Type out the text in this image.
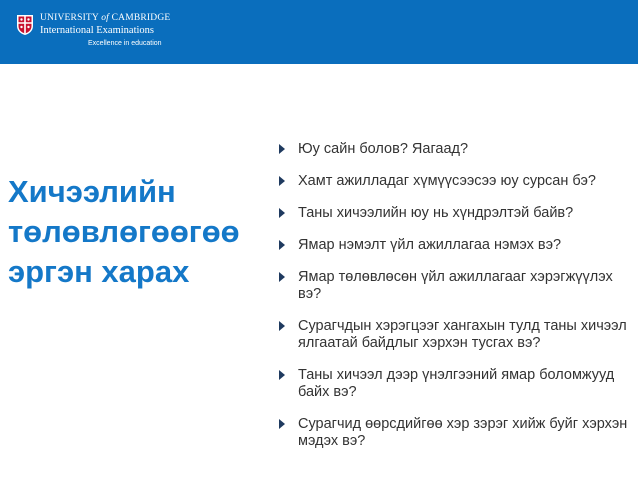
UNIVERSITY of CAMBRIDGE
International Examinations
Excellence in education
Хичээлийн
төлөвлөгөөгөө
эргэн харах
Юу сайн болов? Яагаад?
Хамт ажилладаг хүмүүсээсээ юу сурсан бэ?
Таны хичээлийн юу нь хүндрэлтэй байв?
Ямар нэмэлт үйл ажиллагаа нэмэх вэ?
Ямар төлөвлөсөн үйл ажиллагааг хэрэгжүүлэх вэ?
Сурагчдын хэрэгцээг хангахын тулд таны хичээл ялгаатай байдлыг хэрхэн тусгах вэ?
Таны хичээл дээр үнэлгээний ямар боломжууд байх вэ?
Сурагчид өөрсдийгөө хэр зэрэг хийж буйг хэрхэн мэдэх вэ?
